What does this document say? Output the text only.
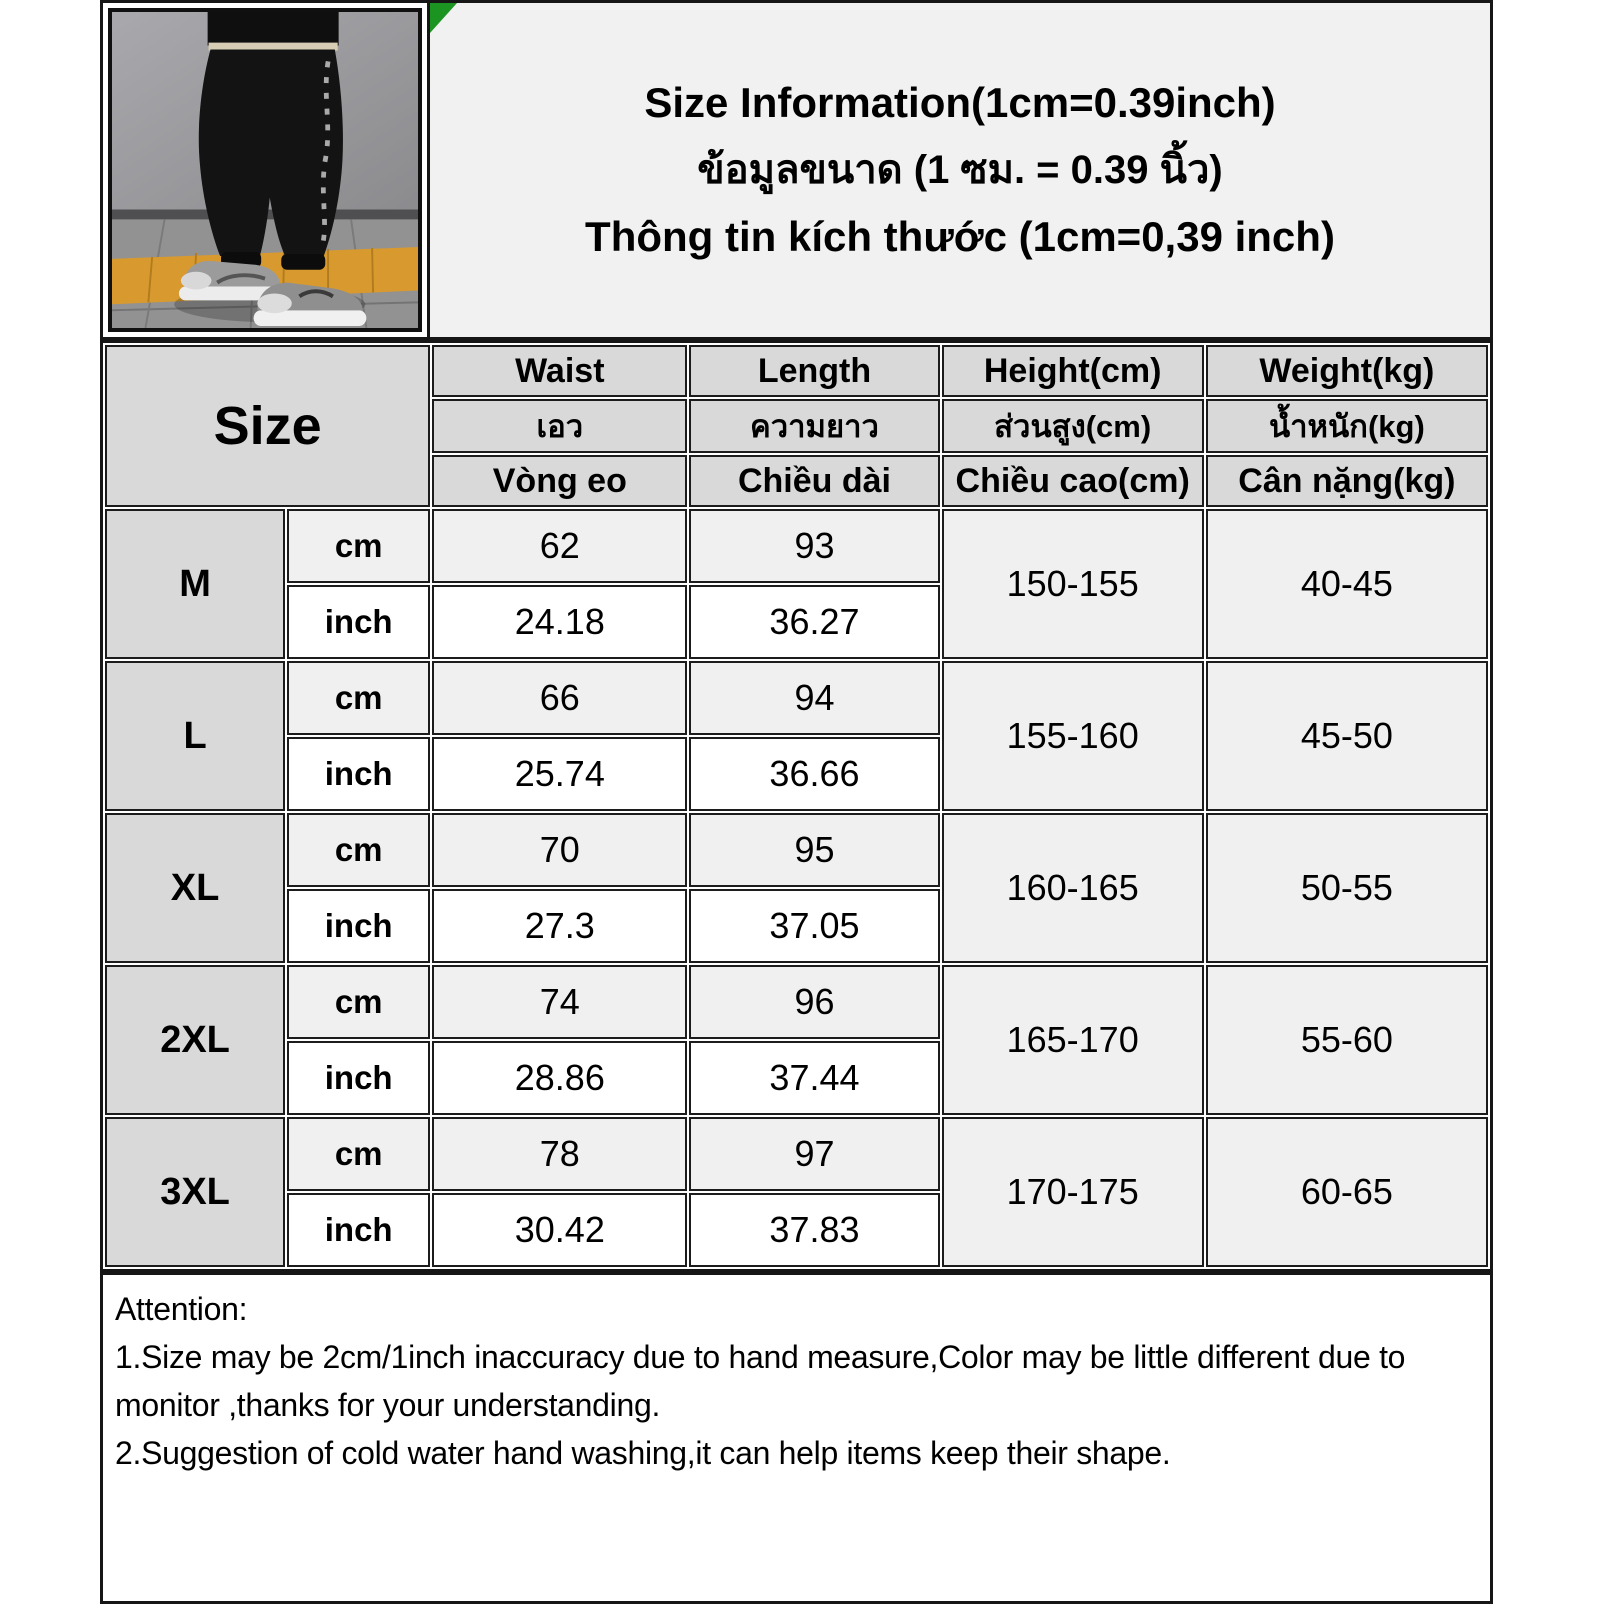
Size Information(1cm=0.39inch)
ข้อมูลขนาด (1 ซม. = 0.39 นิ้ว)
Thông tin kích thước (1cm=0,39 inch)
Size		Waist	Length	Height(cm)	Weight(kg)
		เอว	ความยาว	ส่วนสูง(cm)	น้ำหนัก(kg)
		Vòng eo	Chiều dài	Chiều cao(cm)	Cân nặng(kg)
M	cm	62	93	150-155	40-45
	inch	24.18	36.27		
L	cm	66	94	155-160	45-50
	inch	25.74	36.66		
XL	cm	70	95	160-165	50-55
	inch	27.3	37.05		
2XL	cm	74	96	165-170	55-60
	inch	28.86	37.44		
3XL	cm	78	97	170-175	60-65
	inch	30.42	37.83		

Attention:

1.Size may be 2cm/1inch inaccuracy due to hand measure,Color may be little different due to monitor ,thanks for your understanding.

2.Suggestion of cold water hand washing,it can help items keep their shape.
